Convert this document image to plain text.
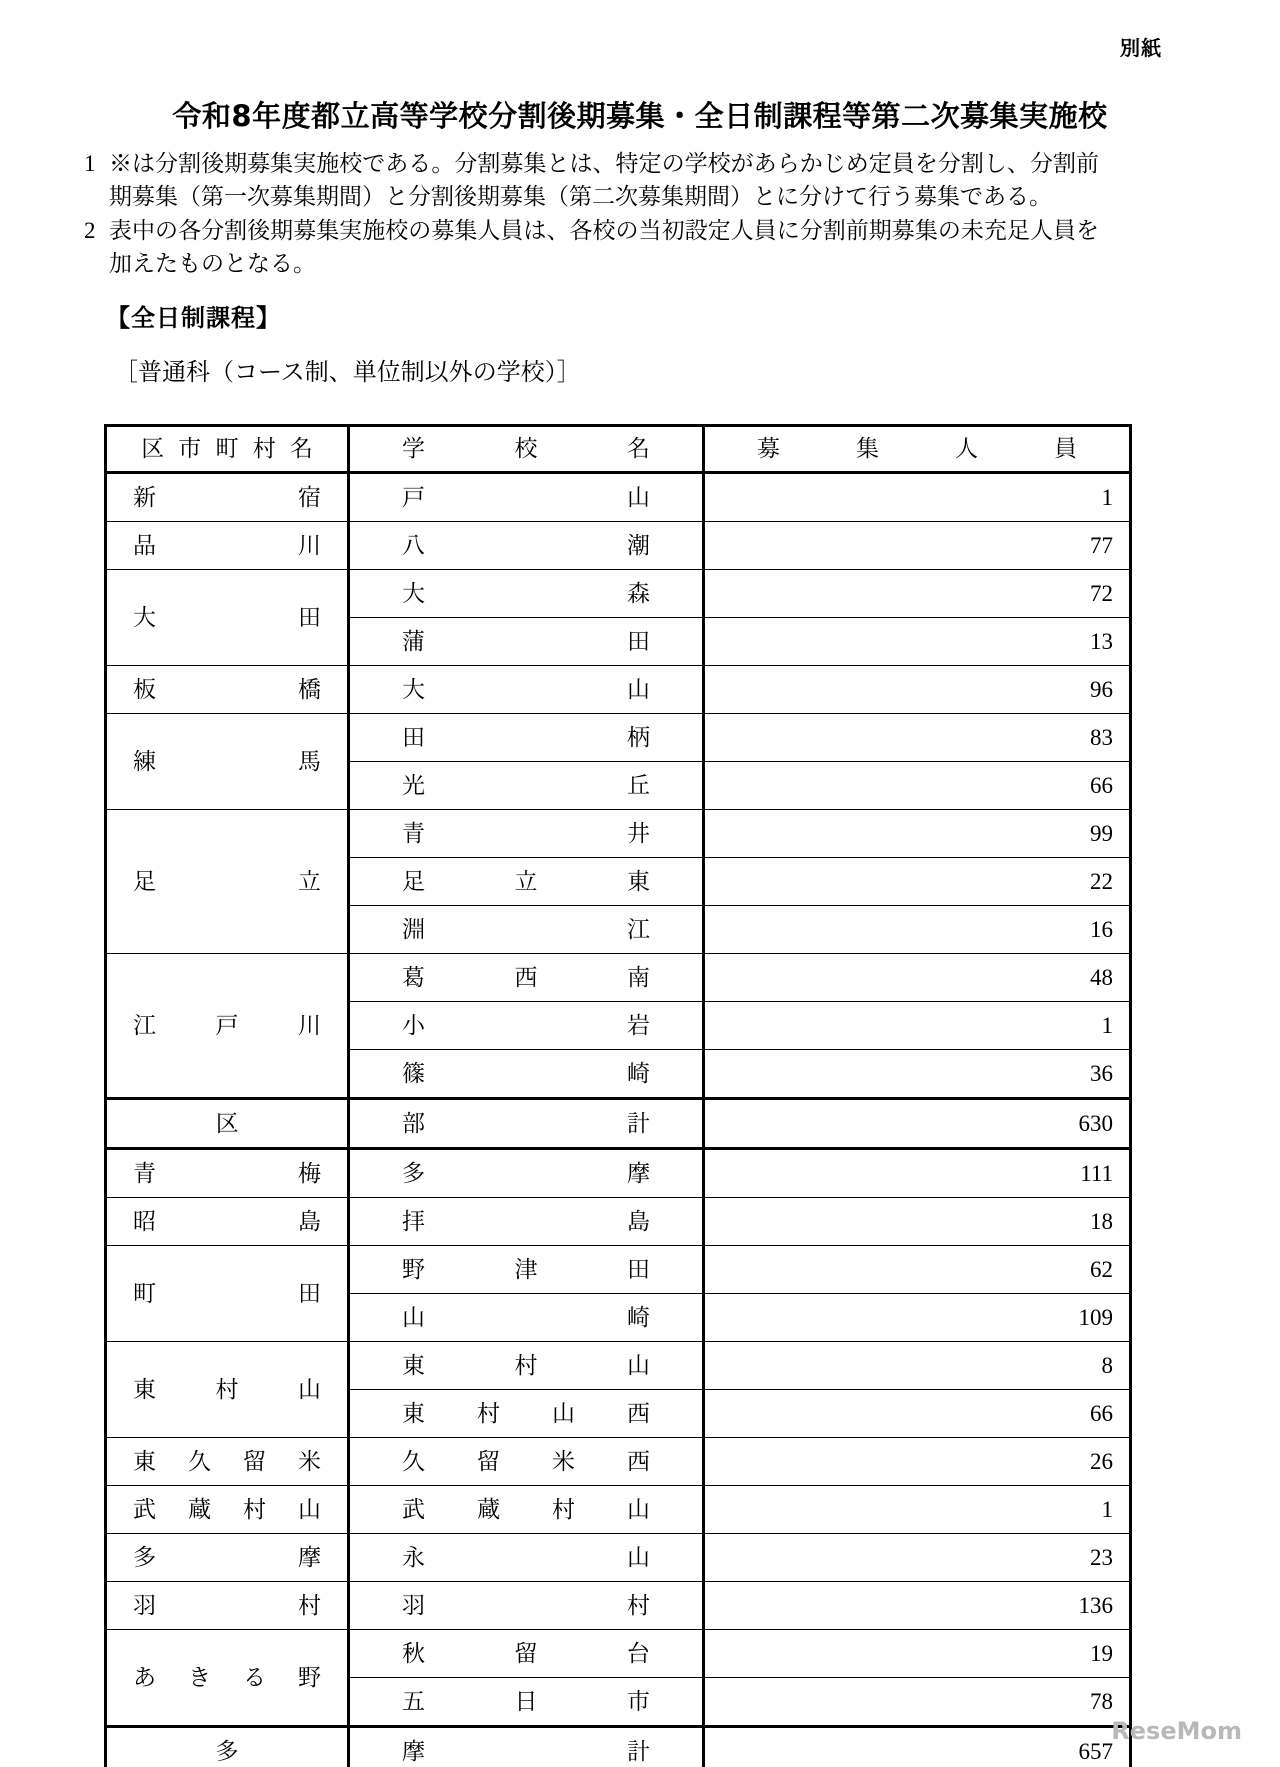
別紙
令和8年度都立高等学校分割後期募集・全日制課程等第二次募集実施校
1 ※は分割後期募集実施校である。分割募集とは、特定の学校があらかじめ定員を分割し、分割前期募集（第一次募集期間）と分割後期募集（第二次募集期間）とに分けて行う募集である。
2 表中の各分割後期募集実施校の募集人員は、各校の当初設定人員に分割前期募集の未充足人員を加えたものとなる。
【全日制課程】
［普通科（コース制、単位制以外の学校）］
区市町村名	学校名	募集人員

新宿	戸山	1

品川	八潮	77

大田	大森	72

	蒲田	13

板橋	大山	96

練馬	田柄	83

	光丘	66

足立	青井	99

	足立東	22

	淵江	16

江戸川	葛西南	48

	小岩	1

	篠崎	36

区	部　　　計	630

青梅	多摩	111

昭島	拝島	18

町田	野津田	62

	山崎	109

東村山	東村山	8

	東村山西	66

東久留米	久留米西	26

武蔵村山	武蔵村山	1

多摩	永山	23

羽村	羽村	136

あきる野	秋留台	19

	五日市	78

多	摩　　　計	657
ReseMom
